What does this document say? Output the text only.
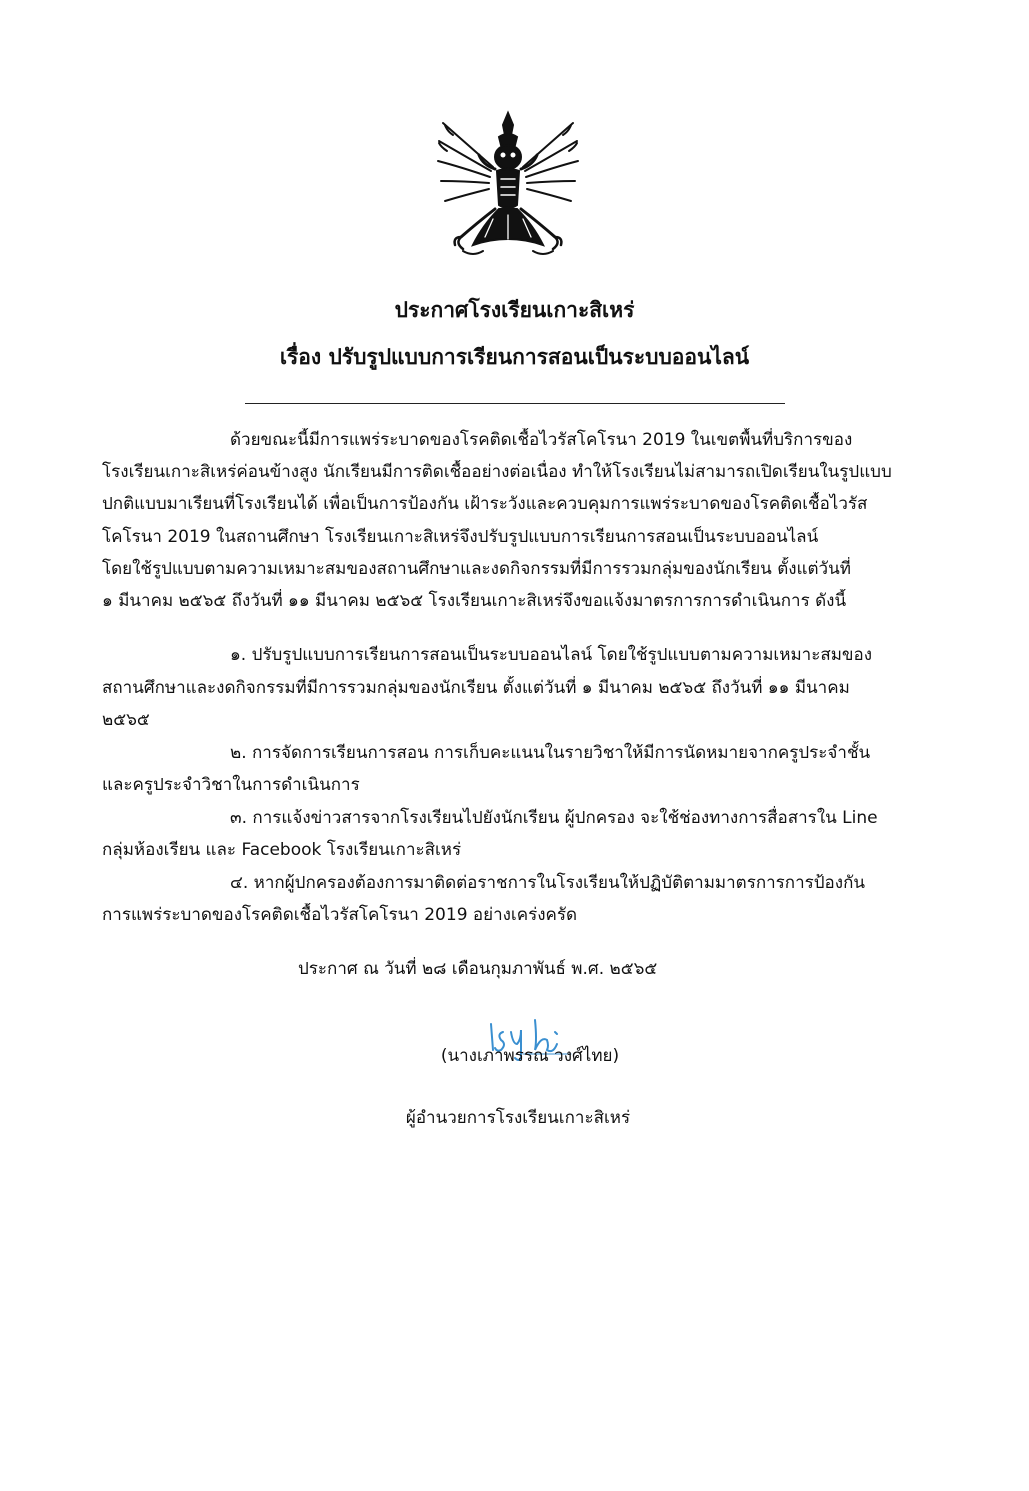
ประกาศโรงเรียนเกาะสิเหร่
เรื่อง ปรับรูปแบบการเรียนการสอนเป็นระบบออนไลน์
ด้วยขณะนี้มีการแพร่ระบาดของโรคติดเชื้อไวรัสโคโรนา 2019 ในเขตพื้นที่บริการของ
โรงเรียนเกาะสิเหร่ค่อนข้างสูง นักเรียนมีการติดเชื้ออย่างต่อเนื่อง ทำให้โรงเรียนไม่สามารถเปิดเรียนในรูปแบบ
ปกติแบบมาเรียนที่โรงเรียนได้ เพื่อเป็นการป้องกัน เฝ้าระวังและควบคุมการแพร่ระบาดของโรคติดเชื้อไวรัส
โคโรนา 2019 ในสถานศึกษา โรงเรียนเกาะสิเหร่จึงปรับรูปแบบการเรียนการสอนเป็นระบบออนไลน์
โดยใช้รูปแบบตามความเหมาะสมของสถานศึกษาและงดกิจกรรมที่มีการรวมกลุ่มของนักเรียน ตั้งแต่วันที่
๑ มีนาคม ๒๕๖๕ ถึงวันที่ ๑๑ มีนาคม ๒๕๖๕ โรงเรียนเกาะสิเหร่จึงขอแจ้งมาตรการการดำเนินการ ดังนี้
๑. ปรับรูปแบบการเรียนการสอนเป็นระบบออนไลน์ โดยใช้รูปแบบตามความเหมาะสมของ
สถานศึกษาและงดกิจกรรมที่มีการรวมกลุ่มของนักเรียน ตั้งแต่วันที่ ๑ มีนาคม ๒๕๖๕ ถึงวันที่ ๑๑ มีนาคม
๒๕๖๕
๒. การจัดการเรียนการสอน การเก็บคะแนนในรายวิชาให้มีการนัดหมายจากครูประจำชั้น
และครูประจำวิชาในการดำเนินการ
๓. การแจ้งข่าวสารจากโรงเรียนไปยังนักเรียน ผู้ปกครอง จะใช้ช่องทางการสื่อสารใน Line
กลุ่มห้องเรียน และ Facebook โรงเรียนเกาะสิเหร่
๔. หากผู้ปกครองต้องการมาติดต่อราชการในโรงเรียนให้ปฏิบัติตามมาตรการการป้องกัน
การแพร่ระบาดของโรคติดเชื้อไวรัสโคโรนา 2019 อย่างเคร่งครัด
ประกาศ ณ วันที่ ๒๘ เดือนกุมภาพันธ์ พ.ศ. ๒๕๖๕
(นางเภาพรรณ วงศ์ไทย)
ผู้อำนวยการโรงเรียนเกาะสิเหร่
